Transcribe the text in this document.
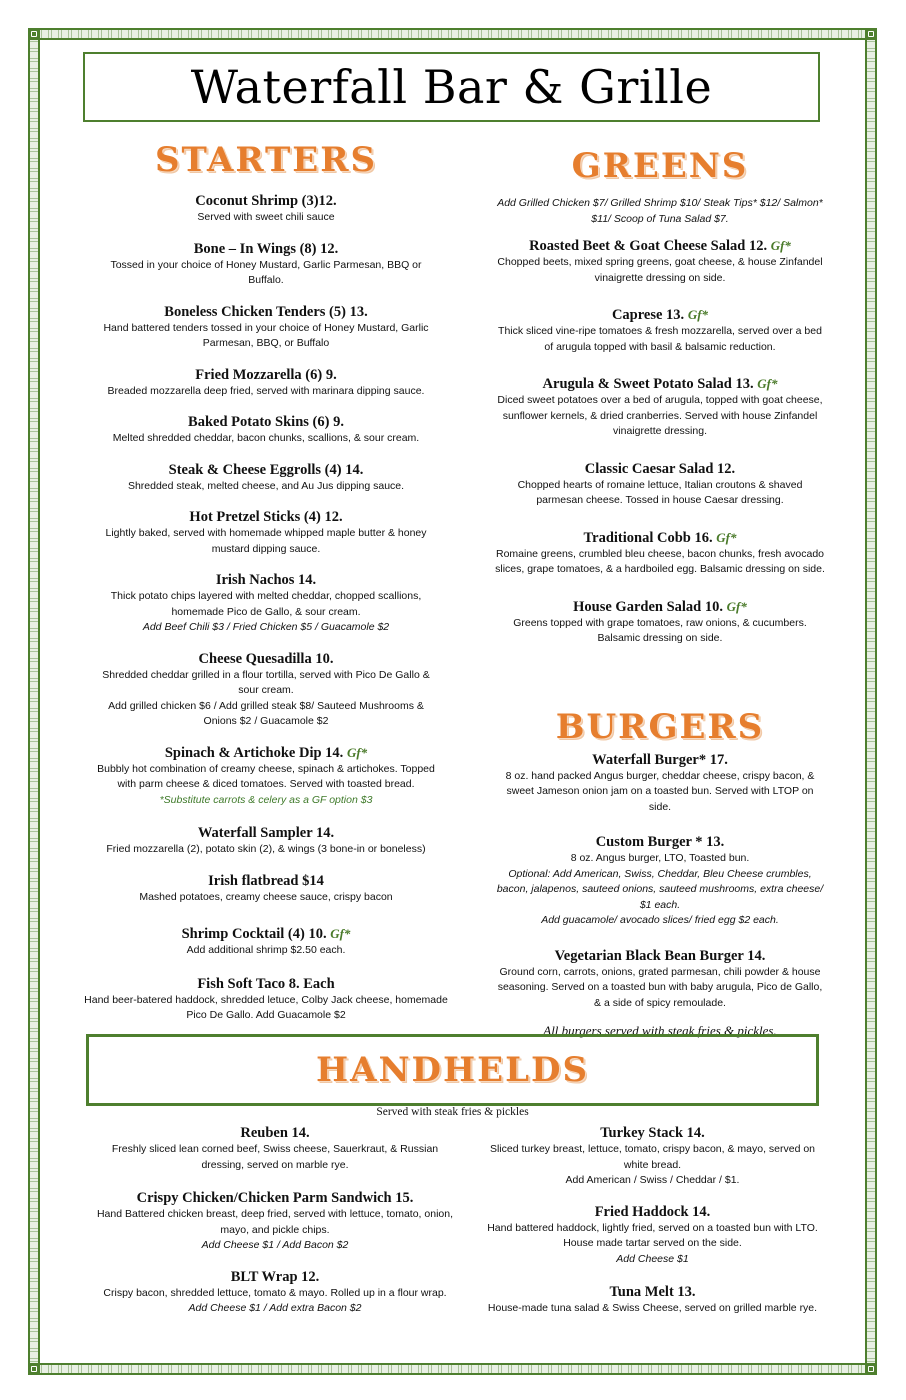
Waterfall Bar & Grille
STARTERS
Coconut Shrimp (3)12.
Served with sweet chili sauce
Bone – In Wings (8) 12.
Tossed in your choice of Honey Mustard, Garlic Parmesan, BBQ or Buffalo.
Boneless Chicken Tenders (5) 13.
Hand battered tenders tossed in your choice of Honey Mustard, Garlic Parmesan, BBQ, or Buffalo
Fried Mozzarella (6) 9.
Breaded mozzarella deep fried, served with marinara dipping sauce.
Baked Potato Skins (6) 9.
Melted shredded cheddar, bacon chunks, scallions, & sour cream.
Steak & Cheese Eggrolls (4) 14.
Shredded steak, melted cheese, and Au Jus dipping sauce.
Hot Pretzel Sticks (4) 12.
Lightly baked, served with homemade whipped maple butter & honey mustard dipping sauce.
Irish Nachos 14.
Thick potato chips layered with melted cheddar, chopped scallions, homemade Pico de Gallo, & sour cream.
Add Beef Chili $3 / Fried Chicken $5 / Guacamole $2
Cheese Quesadilla 10.
Shredded cheddar grilled in a flour tortilla, served with Pico De Gallo & sour cream.
Add grilled chicken $6 / Add grilled steak $8/ Sauteed Mushrooms & Onions $2 / Guacamole $2
Spinach & Artichoke Dip 14. Gf*
Bubbly hot combination of creamy cheese, spinach & artichokes. Topped with parm cheese & diced tomatoes. Served with toasted bread.
*Substitute carrots & celery as a GF option $3
Waterfall Sampler 14.
Fried mozzarella (2), potato skin (2), & wings (3 bone-in or boneless)
Irish flatbread $14
Mashed potatoes, creamy cheese sauce, crispy bacon
Shrimp Cocktail (4) 10. Gf*
Add additional shrimp $2.50 each.
Fish Soft Taco 8. Each
Hand beer-batered haddock, shredded letuce, Colby Jack cheese, homemade Pico De Gallo. Add Guacamole $2
GREENS
Add Grilled Chicken $7/ Grilled Shrimp $10/ Steak Tips* $12/ Salmon* $11/ Scoop of Tuna Salad $7.
Roasted Beet & Goat Cheese Salad 12. Gf*
Chopped beets, mixed spring greens, goat cheese, & house Zinfandel vinaigrette dressing on side.
Caprese 13. Gf*
Thick sliced vine-ripe tomatoes & fresh mozzarella, served over a bed of arugula topped with basil & balsamic reduction.
Arugula & Sweet Potato Salad 13. Gf*
Diced sweet potatoes over a bed of arugula, topped with goat cheese, sunflower kernels, & dried cranberries. Served with house Zinfandel vinaigrette dressing.
Classic Caesar Salad 12.
Chopped hearts of romaine lettuce, Italian croutons & shaved parmesan cheese. Tossed in house Caesar dressing.
Traditional Cobb 16. Gf*
Romaine greens, crumbled bleu cheese, bacon chunks, fresh avocado slices, grape tomatoes, & a hardboiled egg. Balsamic dressing on side.
House Garden Salad 10. Gf*
Greens topped with grape tomatoes, raw onions, & cucumbers. Balsamic dressing on side.
BURGERS
Waterfall Burger* 17.
8 oz. hand packed Angus burger, cheddar cheese, crispy bacon, & sweet Jameson onion jam on a toasted bun. Served with LTOP on side.
Custom Burger * 13.
8 oz. Angus burger, LTO, Toasted bun.
Optional: Add American, Swiss, Cheddar, Bleu Cheese crumbles, bacon, jalapenos, sauteed onions, sauteed mushrooms, extra cheese/ $1 each.
Add guacamole/ avocado slices/ fried egg $2 each.
Vegetarian Black Bean Burger 14.
Ground corn, carrots, onions, grated parmesan, chili powder & house seasoning. Served on a toasted bun with baby arugula, Pico de Gallo, & a side of spicy remoulade.
All burgers served with steak fries & pickles.
HANDHELDS
Served with steak fries & pickles
Reuben 14.
Freshly sliced lean corned beef, Swiss cheese, Sauerkraut, & Russian dressing, served on marble rye.
Crispy Chicken/Chicken Parm Sandwich 15.
Hand Battered chicken breast, deep fried, served with lettuce, tomato, onion, mayo, and pickle chips.
Add Cheese $1 / Add Bacon $2
BLT Wrap 12.
Crispy bacon, shredded lettuce, tomato & mayo. Rolled up in a flour wrap.
Add Cheese $1 / Add extra Bacon $2
Turkey Stack 14.
Sliced turkey breast, lettuce, tomato, crispy bacon, & mayo, served on white bread.
Add American / Swiss / Cheddar / $1.
Fried Haddock 14.
Hand battered haddock, lightly fried, served on a toasted bun with LTO. House made tartar served on the side.
Add Cheese $1
Tuna Melt 13.
House-made tuna salad & Swiss Cheese, served on grilled marble rye.
